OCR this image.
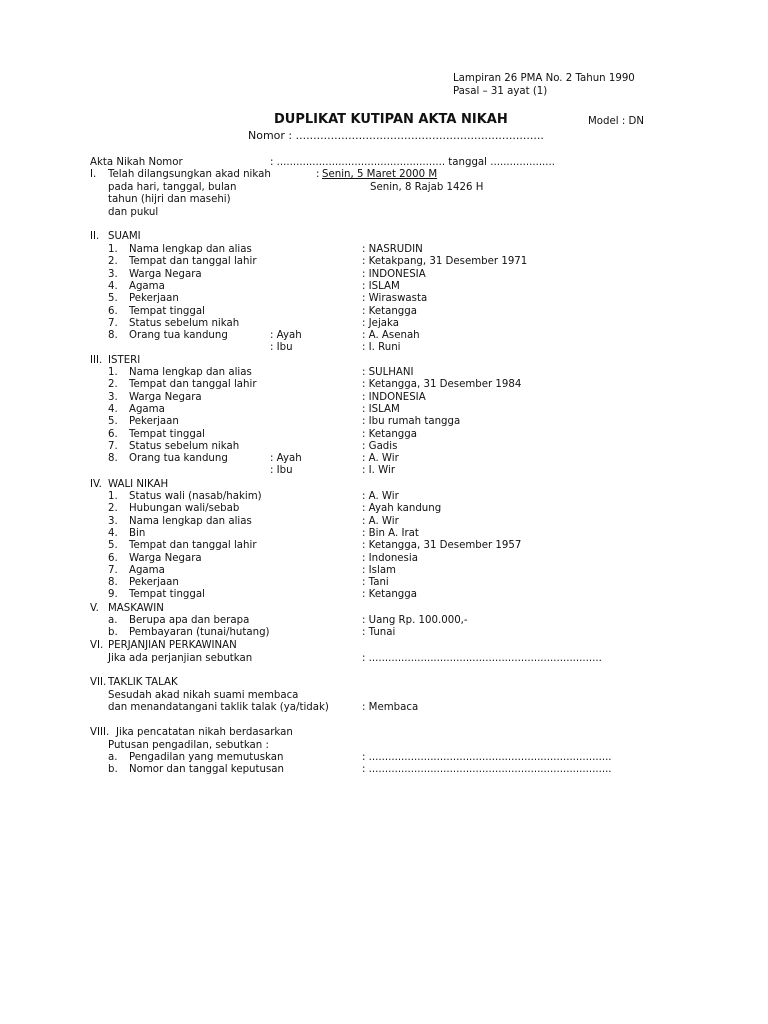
Lampiran 26 PMA No. 2 Tahun 1990
Pasal – 31 ayat (1)
DUPLIKAT KUTIPAN AKTA NIKAH	Model : DN
Nomor : .......................................................................
Akta Nikah Nomor	: .................................................... tanggal ....................
I. Telah dilangsungkan akad nikah	: Senin, 5 Maret 2000 M
pada hari, tanggal, bulan	Senin, 8 Rajab 1426 H
tahun (hijri dan masehi)
dan pukul
II. SUAMI
1. Nama lengkap dan alias	: NASRUDIN
2. Tempat dan tanggal lahir	: Ketakpang, 31 Desember 1971
3. Warga Negara	: INDONESIA
4. Agama	: ISLAM
5. Pekerjaan	: Wiraswasta
6. Tempat tinggal	: Ketangga
7. Status sebelum nikah	: Jejaka
8. Orang tua kandung	: Ayah	: A. Asenah
: Ibu	: I. Runi
III. ISTERI
1. Nama lengkap dan alias	: SULHANI
2. Tempat dan tanggal lahir	: Ketangga, 31 Desember 1984
3. Warga Negara	: INDONESIA
4. Agama	: ISLAM
5. Pekerjaan	: Ibu rumah tangga
6. Tempat tinggal	: Ketangga
7. Status sebelum nikah	: Gadis
8. Orang tua kandung	: Ayah	: A. Wir
: Ibu	: I. Wir
IV. WALI NIKAH
1. Status wali (nasab/hakim)	: A. Wir
2. Hubungan wali/sebab	: Ayah kandung
3. Nama lengkap dan alias	: A. Wir
4. Bin	: Bin A. Irat
5. Tempat dan tanggal lahir	: Ketangga, 31 Desember 1957
6. Warga Negara	: Indonesia
7. Agama	: Islam
8. Pekerjaan	: Tani
9. Tempat tinggal	: Ketangga
V. MASKAWIN
a. Berupa apa dan berapa	: Uang Rp. 100.000,-
b. Pembayaran (tunai/hutang)	: Tunai
VI. PERJANJIAN PERKAWINAN
Jika ada perjanjian sebutkan	: ........................................................................
VII. TAKLIK TALAK
Sesudah akad nikah suami membaca
dan menandatangani taklik talak (ya/tidak)	: Membaca
VIII. Jika pencatatan nikah berdasarkan
Putusan pengadilan, sebutkan :
a. Pengadilan yang memutuskan	: ...........................................................................
b. Nomor dan tanggal keputusan	: ...........................................................................
